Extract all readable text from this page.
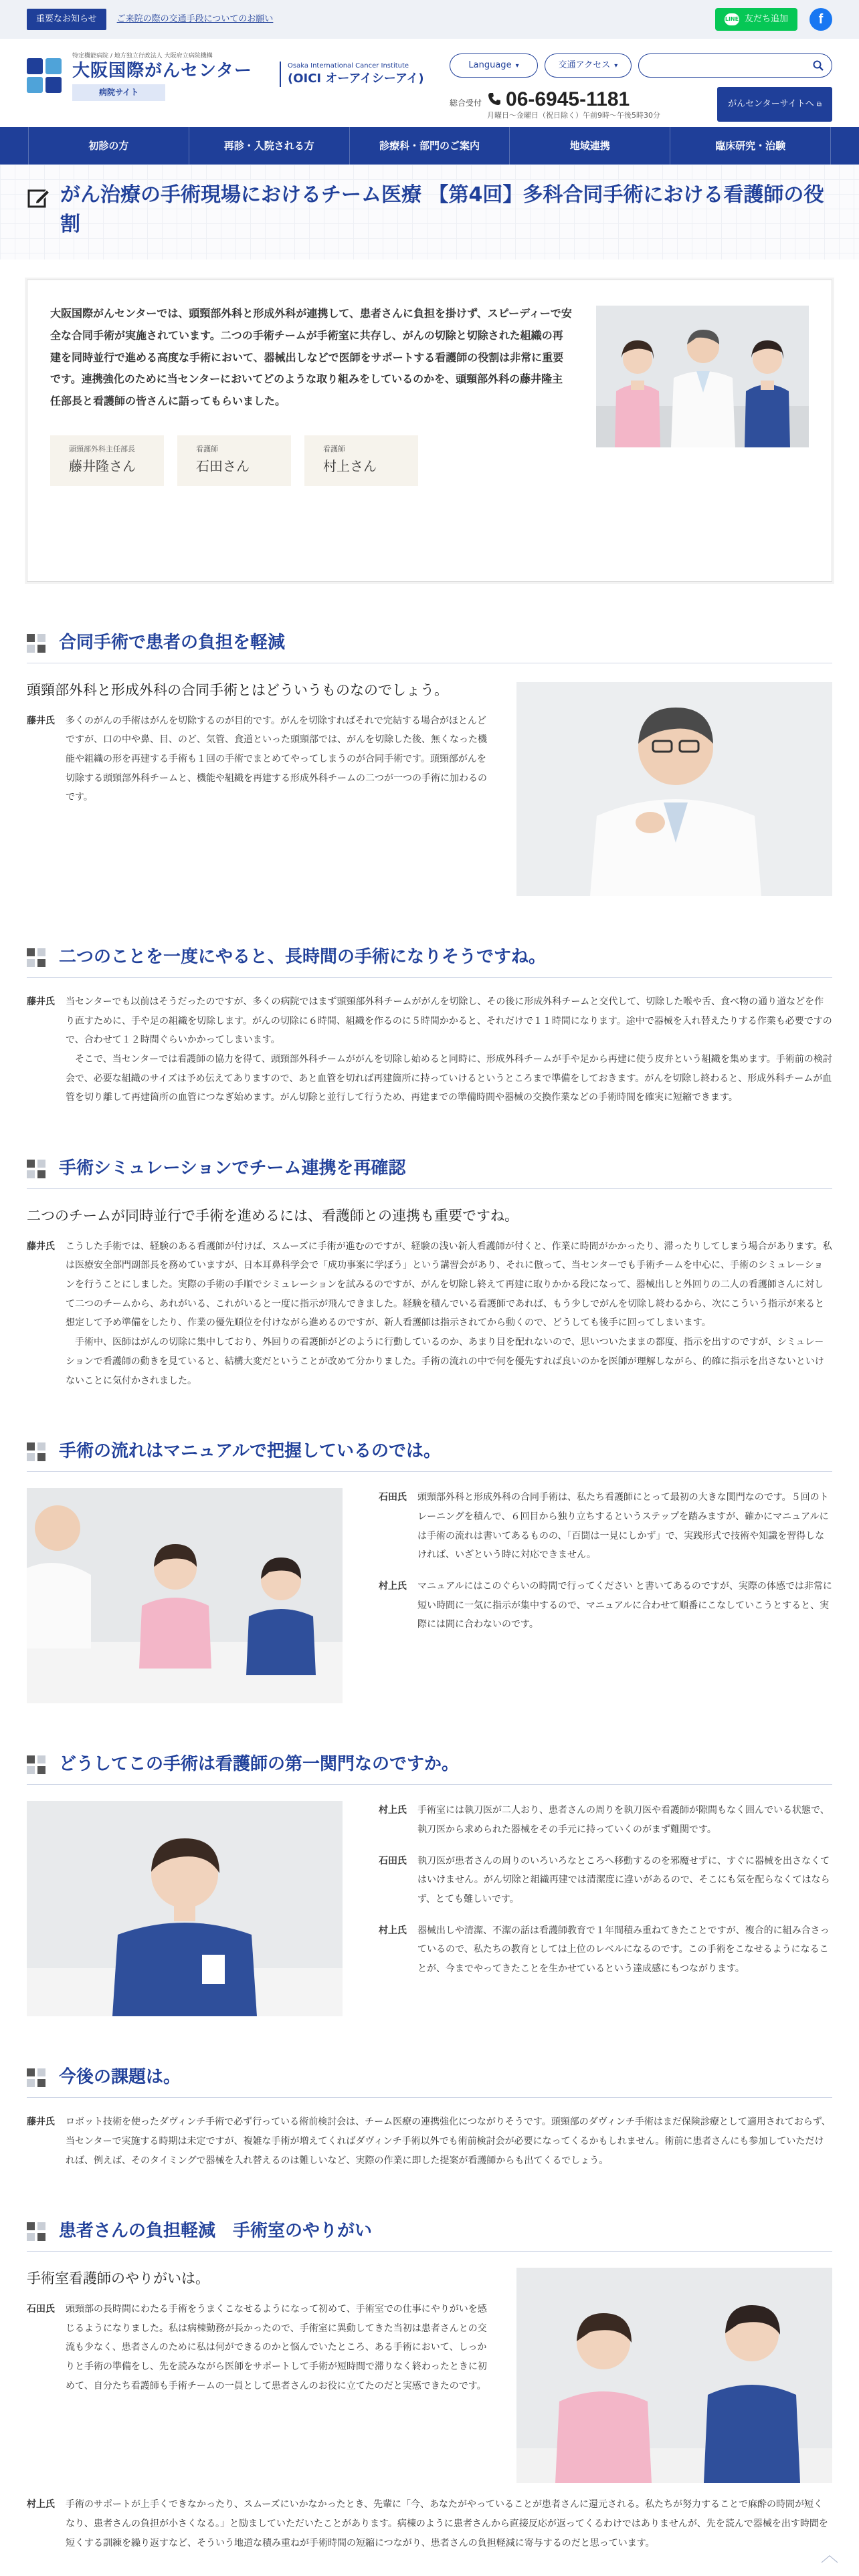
重要なお知らせ	ご来院の際の交通手段についてのお願い	LINE 友だち追加	f
特定機能病院 / 地方独立行政法人 大阪府立病院機構
大阪国際がんセンター
病院サイト
Osaka International Cancer Institute
(OICI オーアイシーアイ)
Language ▾	交通アクセス ▾
総合受付 06-6945-1181
月曜日〜金曜日（祝日除く）午前9時〜午後5時30分
がんセンターサイトへ ⧉
初診の方	再診・入院される方	診療科・部門のご案内	地域連携	臨床研究・治験
がん治療の手術現場におけるチーム医療 【第4回】多科合同手術における看護師の役割

大阪国際がんセンターでは、頭頸部外科と形成外科が連携して、患者さんに負担を掛けず、スピーディーで安全な合同手術が実施されています。二つの手術チームが手術室に共存し、がんの切除と切除された組織の再建を同時並行で進める高度な手術において、器械出しなどで医師をサポートする看護師の役割は非常に重要です。連携強化のために当センターにおいてどのような取り組みをしているのかを、頭頸部外科の藤井隆主任部長と看護師の皆さんに語ってもらいました。

頭頸部外科主任部長
藤井隆さん
看護師
石田さん
看護師
村上さん
合同手術で患者の負担を軽減
頭頸部外科と形成外科の合同手術とはどういうものなのでしょう。
藤井氏	多くのがんの手術はがんを切除するのが目的です。がんを切除すればそれで完結する場合がほとんどですが、口の中や鼻、目、のど、気管、食道といった頭頸部では、がんを切除した後、無くなった機能や組織の形を再建する手術も１回の手術でまとめてやってしまうのが合同手術です。頭頸部がんを切除する頭頸部外科チームと、機能や組織を再建する形成外科チームの二つが一つの手術に加わるのです。
二つのことを一度にやると、長時間の手術になりそうですね。
藤井氏	当センターでも以前はそうだったのですが、多くの病院ではまず頭頸部外科チームががんを切除し、その後に形成外科チームと交代して、切除した喉や舌、食べ物の通り道などを作り直すために、手や足の組織を切除します。がんの切除に６時間、組織を作るのに５時間かかると、それだけで１１時間になります。途中で器械を入れ替えたりする作業も必要ですので、合わせて１２時間ぐらいかかってしまいます。
そこで、当センターでは看護師の協力を得て、頭頸部外科チームががんを切除し始めると同時に、形成外科チームが手や足から再建に使う皮弁という組織を集めます。手術前の検討会で、必要な組織のサイズは予め伝えてありますので、あと血管を切れば再建箇所に持っていけるというところまで準備をしておきます。がんを切除し終わると、形成外科チームが血管を切り離して再建箇所の血管につなぎ始めます。がん切除と並行して行うため、再建までの準備時間や器械の交換作業などの手術時間を確実に短縮できます。
手術シミュレーションでチーム連携を再確認
二つのチームが同時並行で手術を進めるには、看護師との連携も重要ですね。
藤井氏	こうした手術では、経験のある看護師が付けば、スムーズに手術が進むのですが、経験の浅い新人看護師が付くと、作業に時間がかかったり、滞ったりしてしまう場合があります。私は医療安全部門副部長を務めていますが、日本耳鼻科学会で「成功事案に学ぼう」という講習会があり、それに倣って、当センターでも手術チームを中心に、手術のシミュレーションを行うことにしました。実際の手術の手順でシミュレーションを試みるのですが、がんを切除し終えて再建に取りかかる段になって、器械出しと外回りの二人の看護師さんに対して二つのチームから、あれがいる、これがいると一度に指示が飛んできました。経験を積んでいる看護師であれば、もう少しでがんを切除し終わるから、次にこういう指示が来ると想定して予め準備をしたり、作業の優先順位を付けながら進めるのですが、新人看護師は指示されてから動くので、どうしても後手に回ってしまいます。
手術中、医師はがんの切除に集中しており、外回りの看護師がどのように行動しているのか、あまり目を配れないので、思いついたままの都度、指示を出すのですが、シミュレーションで看護師の動きを見ていると、結構大変だということが改めて分かりました。手術の流れの中で何を優先すれば良いのかを医師が理解しながら、的確に指示を出さないといけないことに気付かされました。
手術の流れはマニュアルで把握しているのでは。
石田氏	頭頸部外科と形成外科の合同手術は、私たち看護師にとって最初の大きな関門なのです。５回のトレーニングを積んで、６回目から独り立ちするというステップを踏みますが、確かにマニュアルには手術の流れは書いてあるものの、「百聞は一見にしかず」で、実践形式で技術や知識を習得しなければ、いざという時に対応できません。
村上氏	マニュアルにはこのぐらいの時間で行ってください と書いてあるのですが、実際の体感では非常に短い時間に一気に指示が集中するので、マニュアルに合わせて順番にこなしていこうとすると、実際には間に合わないのです。
どうしてこの手術は看護師の第一関門なのですか。
村上氏	手術室には執刀医が二人おり、患者さんの周りを執刀医や看護師が隙間もなく囲んでいる状態で、執刀医から求められた器械をその手元に持っていくのがまず難関です。
石田氏	執刀医が患者さんの周りのいろいろなところへ移動するのを邪魔せずに、すぐに器械を出さなくてはいけません。がん切除と組織再建では清潔度に違いがあるので、そこにも気を配らなくてはならず、とても難しいです。
村上氏	器械出しや清潔、不潔の話は看護師教育で１年間積み重ねてきたことですが、複合的に組み合さっているので、私たちの教育としては上位のレベルになるのです。この手術をこなせるようになることが、今までやってきたことを生かせているという達成感にもつながります。
今後の課題は。
藤井氏	ロボット技術を使ったダヴィンチ手術で必ず行っている術前検討会は、チーム医療の連携強化につながりそうです。頭頸部のダヴィンチ手術はまだ保険診療として適用されておらず、当センターで実施する時期は未定ですが、複雑な手術が増えてくればダヴィンチ手術以外でも術前検討会が必要になってくるかもしれません。術前に患者さんにも参加していただければ、例えば、そのタイミングで器械を入れ替えるのは難しいなど、実際の作業に即した提案が看護師からも出てくるでしょう。
患者さんの負担軽減　手術室のやりがい
手術室看護師のやりがいは。
石田氏	頭頸部の長時間にわたる手術をうまくこなせるようになって初めて、手術室での仕事にやりがいを感じるようになりました。私は病棟勤務が長かったので、手術室に異動してきた当初は患者さんとの交流も少なく、患者さんのために私は何ができるのかと悩んでいたところ、ある手術において、しっかりと手術の準備をし、先を読みながら医師をサポートして手術が短時間で滞りなく終わったときに初めて、自分たち看護師も手術チームの一員として患者さんのお役に立てたのだと実感できたのです。
村上氏	手術のサポートが上手くできなかったり、スムーズにいかなかったとき、先輩に「今、あなたがやっていることが患者さんに還元される。私たちが努力することで麻酔の時間が短くなり、患者さんの負担が小さくなる。」と励ましていただいたことがあります。病棟のように患者さんから直接反応が返ってくるわけではありませんが、先を読んで器械を出す時間を短くする訓練を繰り返すなど、そういう地道な積み重ねが手術時間の短縮につながり、患者さんの負担軽減に寄与するのだと思っています。
︿
